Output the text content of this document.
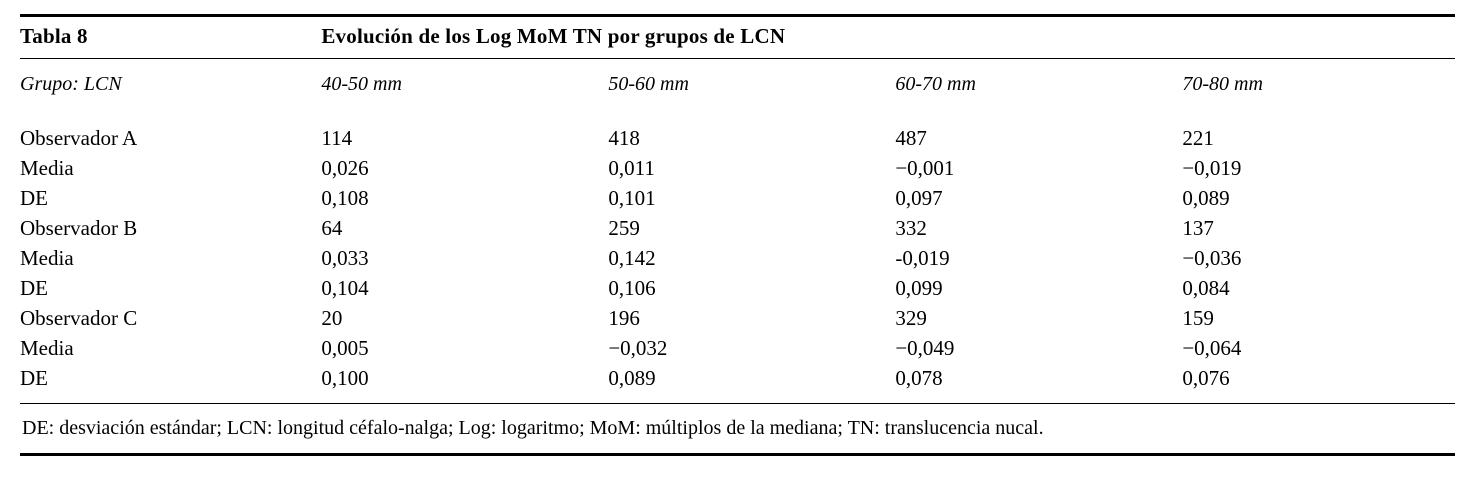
Tabla 8	Evolución de los Log MoM TN por grupos de LCN
Grupo: LCN	40-50 mm	50-60 mm	60-70 mm	70-80 mm
Observador A	114	418	487	221
Media	0,026	0,011	−0,001	−0,019
DE	0,108	0,101	0,097	0,089
Observador B	64	259	332	137
Media	0,033	0,142	-0,019	−0,036
DE	0,104	0,106	0,099	0,084
Observador C	20	196	329	159
Media	0,005	−0,032	−0,049	−0,064
DE	0,100	0,089	0,078	0,076
DE: desviación estándar; LCN: longitud céfalo-nalga; Log: logaritmo; MoM: múltiplos de la mediana; TN: translucencia nucal.
